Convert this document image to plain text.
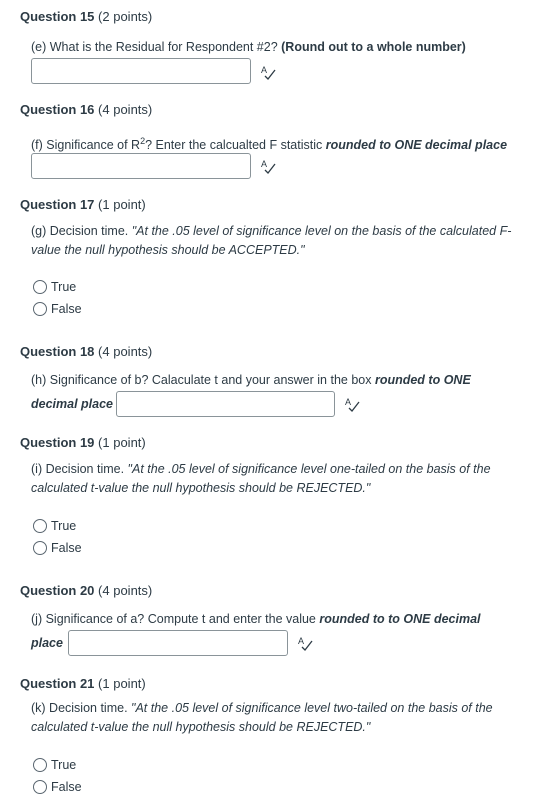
Question 15 (2 points)
(e) What is the Residual for Respondent #2? (Round out to a whole number)
A
Question 16 (4 points)
(f) Significance of $R^2$? Enter the calcualted F statistic rounded to ONE decimal place
A
Question 17 (1 point)
(g) Decision time. "At the .05 level of significance level on the basis of the calculated F-value the null hypothesis should be ACCEPTED."
True
False
Question 18 (4 points)
(h) Significance of b? Calaculate t and your answer in the box rounded to ONE
decimal place	A
Question 19 (1 point)
(i) Decision time. "At the .05 level of significance level one-tailed on the basis of the calculated t-value the null hypothesis should be REJECTED."
True
False
Question 20 (4 points)
(j) Significance of a? Compute t and enter the value rounded to to ONE decimal
place	A
Question 21 (1 point)
(k) Decision time. "At the .05 level of significance level two-tailed on the basis of the calculated t-value the null hypothesis should be REJECTED."
True
False
